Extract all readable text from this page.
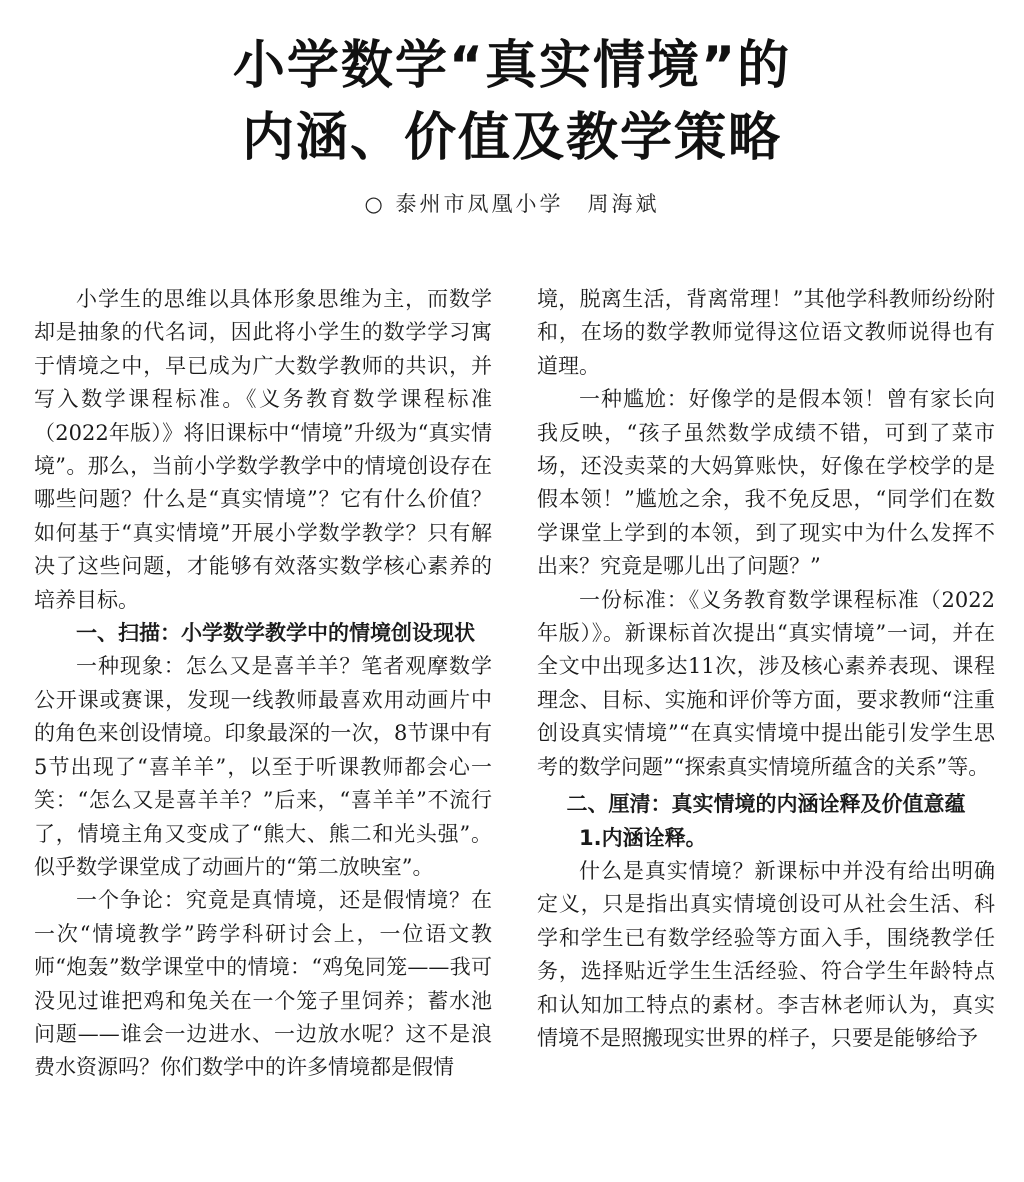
小学数学“真实情境”的
内涵、价值及教学策略
○ 泰州市凤凰小学　周海斌

小学生的思维以具体形象思维为主，而数学却是抽象的代名词，因此将小学生的数学学习寓于情境之中，早已成为广大数学教师的共识，并写入数学课程标准。《义务教育数学课程标准（2022年版）》将旧课标中“情境”升级为“真实情境”。那么，当前小学数学教学中的情境创设存在哪些问题？什么是“真实情境”？它有什么价值？如何基于“真实情境”开展小学数学教学？只有解决了这些问题，才能够有效落实数学核心素养的培养目标。

一、扫描：小学数学教学中的情境创设现状

一种现象：怎么又是喜羊羊？笔者观摩数学公开课或赛课，发现一线教师最喜欢用动画片中的角色来创设情境。印象最深的一次，8节课中有5节出现了“喜羊羊”，以至于听课教师都会心一笑：“怎么又是喜羊羊？”后来，“喜羊羊”不流行了，情境主角又变成了“熊大、熊二和光头强”。似乎数学课堂成了动画片的“第二放映室”。

一个争论：究竟是真情境，还是假情境？在一次“情境教学”跨学科研讨会上，一位语文教师“炮轰”数学课堂中的情境：“鸡兔同笼——我可没见过谁把鸡和兔关在一个笼子里饲养；蓄水池问题——谁会一边进水、一边放水呢？这不是浪费水资源吗？你们数学中的许多情境都是假情

境，脱离生活，背离常理！”其他学科教师纷纷附和，在场的数学教师觉得这位语文教师说得也有道理。

一种尴尬：好像学的是假本领！曾有家长向我反映，“孩子虽然数学成绩不错，可到了菜市场，还没卖菜的大妈算账快，好像在学校学的是假本领！”尴尬之余，我不免反思，“同学们在数学课堂上学到的本领，到了现实中为什么发挥不出来？究竟是哪儿出了问题？”

一份标准：《义务教育数学课程标准（2022年版）》。新课标首次提出“真实情境”一词，并在全文中出现多达11次，涉及核心素养表现、课程理念、目标、实施和评价等方面，要求教师“注重创设真实情境”“在真实情境中提出能引发学生思考的数学问题”“探索真实情境所蕴含的关系”等。

二、厘清：真实情境的内涵诠释及价值意蕴
1.内涵诠释。

什么是真实情境？新课标中并没有给出明确定义，只是指出真实情境创设可从社会生活、科学和学生已有数学经验等方面入手，围绕教学任务，选择贴近学生生活经验、符合学生年龄特点和认知加工特点的素材。李吉林老师认为，真实情境不是照搬现实世界的样子，只要是能够给予
